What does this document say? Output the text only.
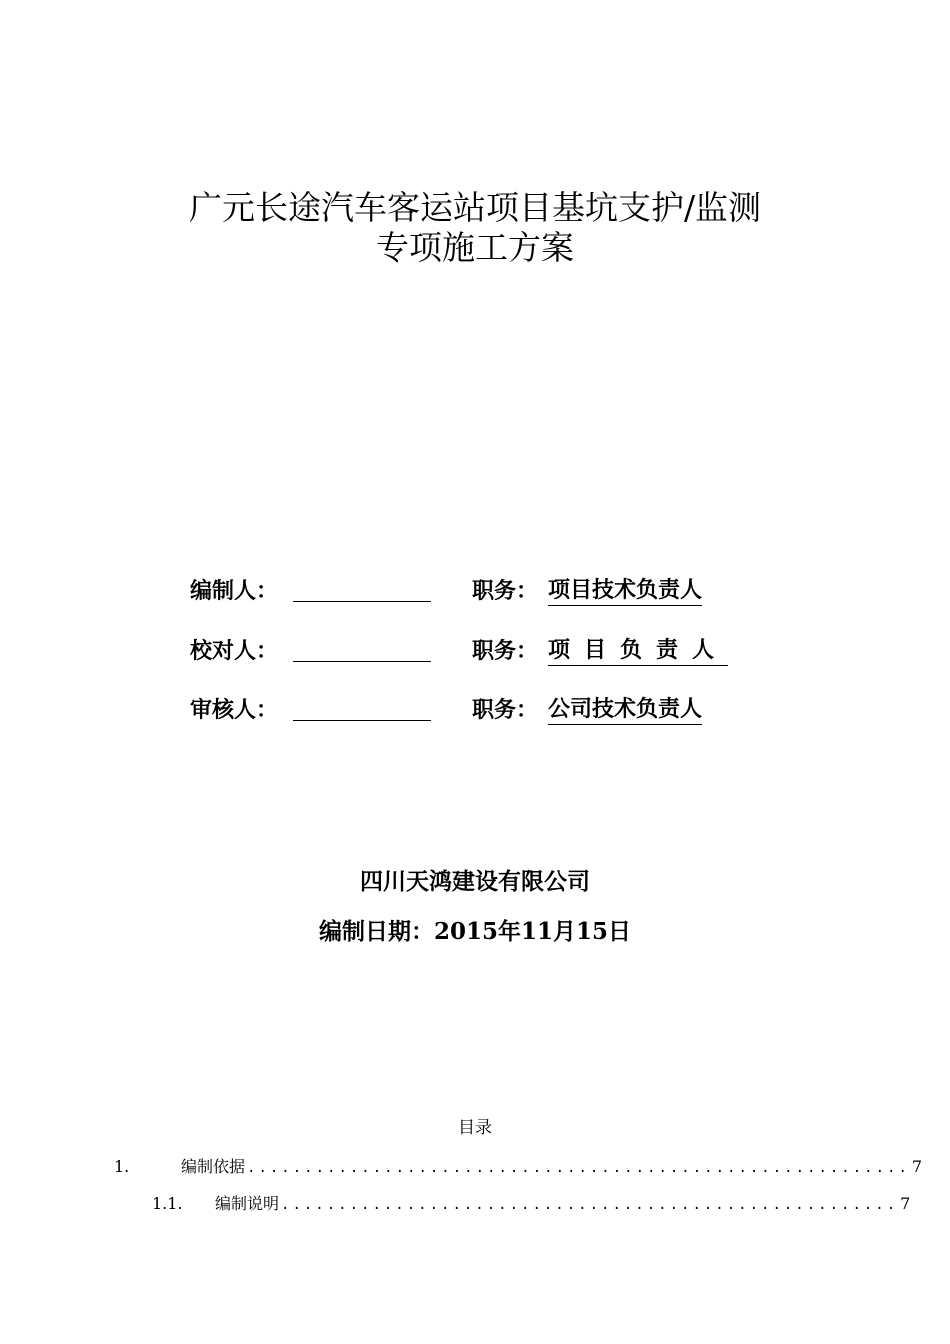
广元长途汽车客运站项目基坑支护/监测
专项施工方案
编制人：	职务： 项目技术负责人
校对人：	职务： 项目负责人
审核人：	职务： 公司技术负责人
四川天鸿建设有限公司
编制日期：2015年11月15日
目录
1.	编制依据 .......................................................... 7
1.1.	编制说明 ...................................................... 7
